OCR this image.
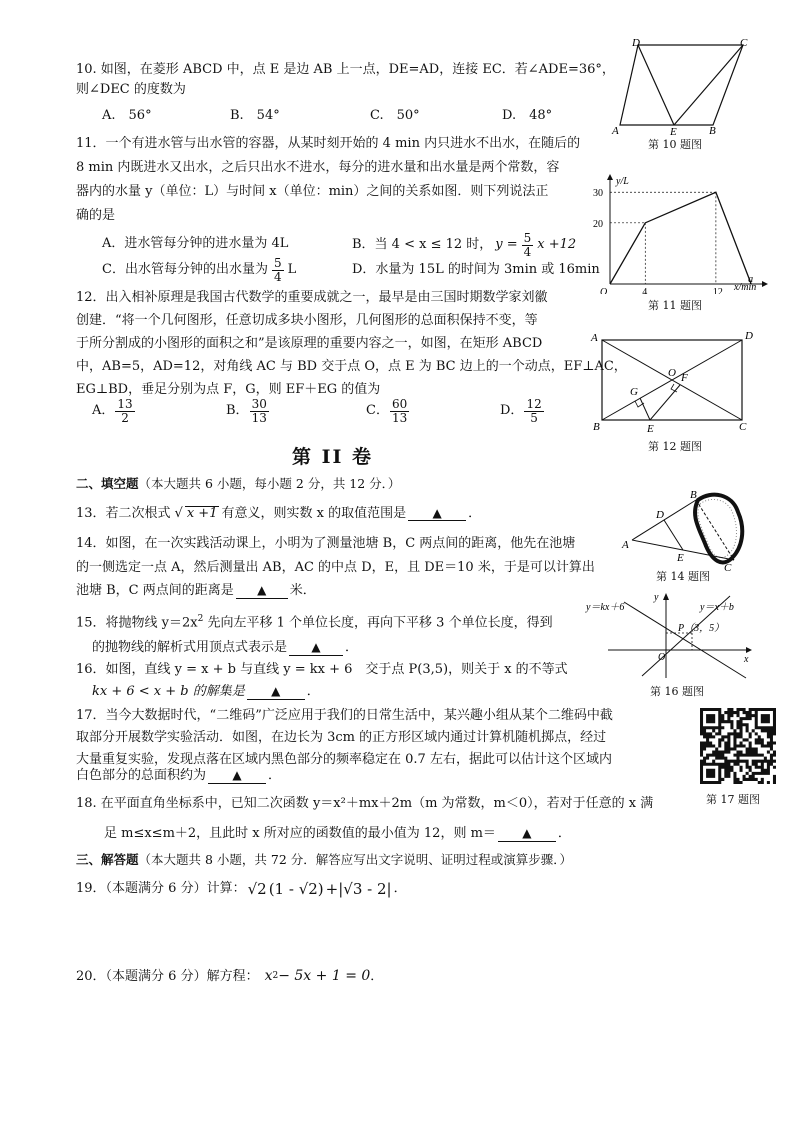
10. 如图，在菱形 ABCD 中，点 E 是边 AB 上一点，DE=AD，连接 EC．若∠ADE=36°，
则∠DEC 的度数为
A.　56°	B.　54°	C.　50°	D.　48°
D	C
A	E	B
第 10 题图
11．一个有进水管与出水管的容器，从某时刻开始的 4 min 内只进水不出水，在随后的
8 min 内既进水又出水，之后只出水不进水，每分的进水量和出水量是两个常数，容
器内的水量 y（单位：L）与时间 x（单位：min）之间的关系如图．则下列说法正
确的是
A．进水管每分钟的进水量为 4L	B．当 4 < x ≤ 12 时， $y = \frac{5}{4}$ x +12
C．出水管每分钟的出水量为 $\frac{5}{4}$ L	D．水量为 15L 的时间为 3min 或 16min
O	4	12
a
20
30
y/L
x/min
第 11 题图
12．出入相补原理是我国古代数学的重要成就之一，最早是由三国时期数学家刘徽
创建．“将一个几何图形，任意切成多块小图形，几何图形的总面积保持不变，等
于所分割成的小图形的面积之和”是该原理的重要内容之一，如图，在矩形 ABCD
中，AB=5，AD=12，对角线 AC 与 BD 交于点 O，点 E 为 BC 边上的一个动点，EF⊥AC，
EG⊥BD，垂足分别为点 F，G，则 EF＋EG 的值为
A． $\frac{13}{2}$	B． $\frac{30}{13}$	C． $\frac{60}{13}$	D． $\frac{12}{5}$
A	D
O F
G
B	E	C
第 12 题图
第 II 卷
二、填空题（本大题共 6 小题，每小题 2 分，共 12 分．）
13．若二次根式 √ x +1 有意义，则实数 x 的取值范围是	▲	．
14．如图，在一次实践活动课上，小明为了测量池塘 B，C 两点间的距离，他先在池塘
的一侧选定一点 A，然后测量出 AB，AC 的中点 D，E，且 DE＝10 米，于是可以计算出
池塘 B，C 两点间的距离是	▲	米．
B
D
A
E
C
第 14 题图
15．将抛物线 $y=2x^2$ 先向左平移 1 个单位长度，再向下平移 3 个单位长度，得到
的抛物线的解析式用顶点式表示是	▲	．
16．如图，直线 y = x + b 与直线 y = kx + 6　交于点 P(3,5)，则关于 x 的不等式
kx + 6 < x + b 的解集是	▲	．
y＝kx＋6	y＝x＋b
P（3，5）
O	x
y
第 16 题图
17．当今大数据时代，“二维码”广泛应用于我们的日常生活中，某兴趣小组从某个二维码中截
取部分开展数学实验活动．如图，在边长为 3cm 的正方形区域内通过计算机随机掷点，经过
大量重复实验，发现点落在区域内黑色部分的频率稳定在 0.7 左右，据此可以估计这个区域内
白色部分的总面积约为	▲	．
第 17 题图
18. 在平面直角坐标系中，已知二次函数 y＝x²＋mx＋2m（m 为常数，m＜0），若对于任意的 x 满
足 m≤x≤m＋2，且此时 x 所对应的函数值的最小值为 12，则 m＝	▲	．
三、解答题（本大题共 8 小题，共 72 分．解答应写出文字说明、证明过程或演算步骤．）
19．（本题满分 6 分）计算： √2 (1 - √2) +|√3 - 2| ．
20．（本题满分 6 分）解方程： x 2 − 5x + 1 = 0 ．
